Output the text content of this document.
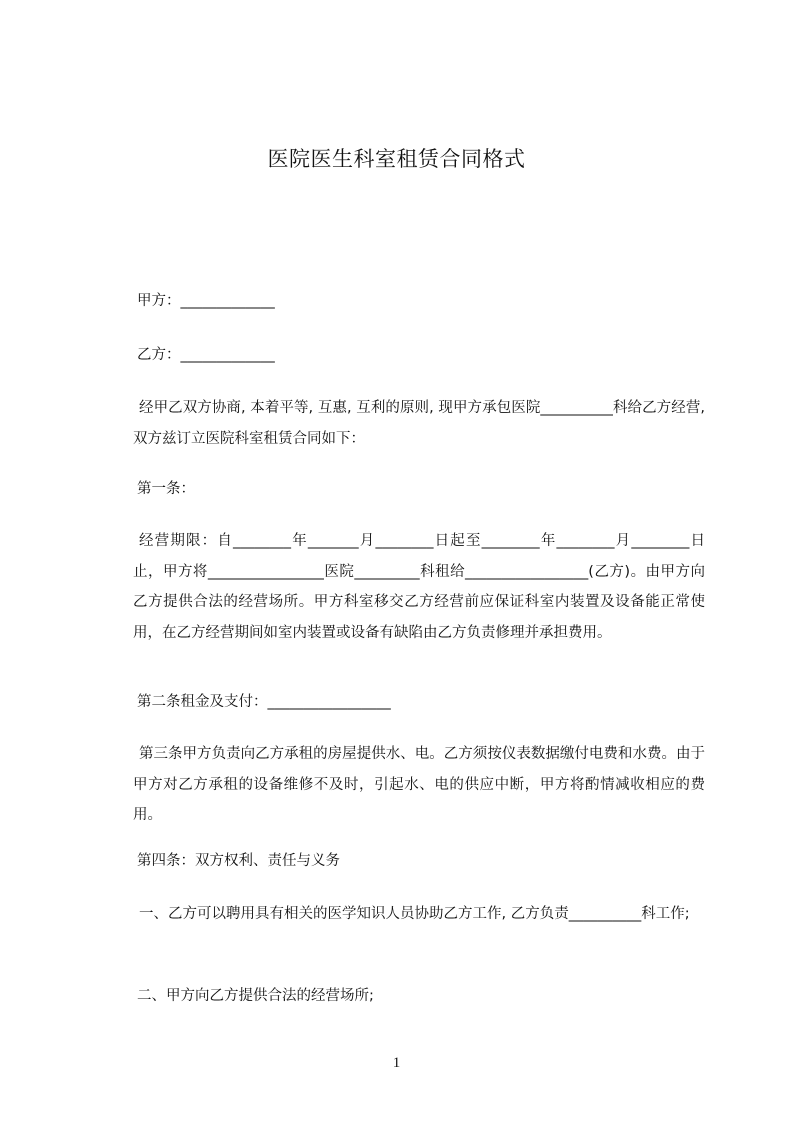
医院医生科室租赁合同格式
甲方：_____________
乙方：_____________
经甲乙双方协商, 本着平等, 互惠, 互利的原则, 现甲方承包医院__________科给乙方经营, 双方兹订立医院科室租赁合同如下：
第一条：
经营期限：自________年_______月________日起至________年________月________日止，甲方将________________医院_________科租给_________________(乙方)。由甲方向乙方提供合法的经营场所。甲方科室移交乙方经营前应保证科室内装置及设备能正常使用，在乙方经营期间如室内装置或设备有缺陷由乙方负责修理并承担费用。
第二条租金及支付：_________________
第三条甲方负责向乙方承租的房屋提供水、电。乙方须按仪表数据缴付电费和水费。由于甲方对乙方承租的设备维修不及时，引起水、电的供应中断，甲方将酌情减收相应的费用。
第四条：双方权利、责任与义务
一、乙方可以聘用具有相关的医学知识人员协助乙方工作, 乙方负责__________科工作;
二、甲方向乙方提供合法的经营场所;
1
